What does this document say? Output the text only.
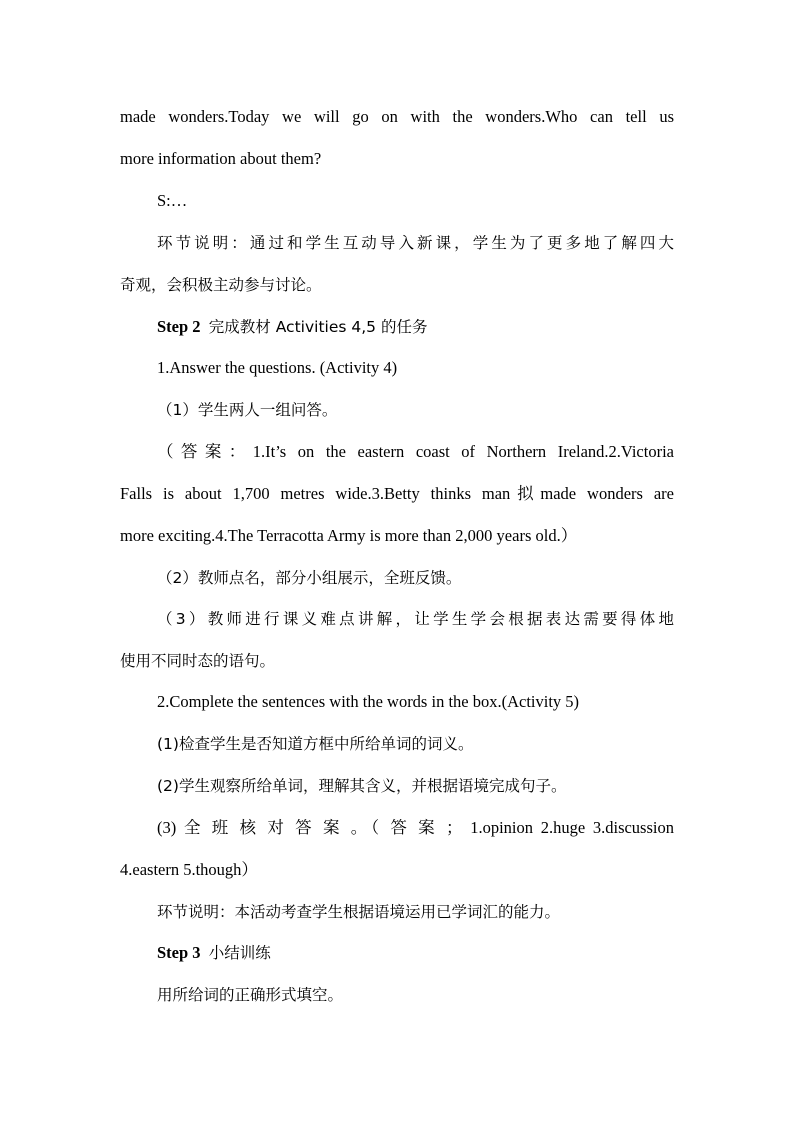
made wonders.Today we will go on with the wonders.Who can tell us
more information about them?
S:…
环节说明：通过和学生互动导入新课，学生为了更多地了解四大
奇观，会积极主动参与讨论。
Step 2 完成教材 Activities 4,5 的任务
1.Answer the questions. (Activity 4)
（1）学生两人一组问答。
（答案：1.It’s on the eastern coast of Northern Ireland.2.Victoria
Falls is about 1,700 metres wide.3.Betty thinks man拟made wonders are
more exciting.4.The Terracotta Army is more than 2,000 years old.）
（2）教师点名，部分小组展示，全班反馈。
（3）教师进行课义难点讲解，让学生学会根据表达需要得体地
使用不同时态的语句。
2.Complete the sentences with the words in the box.(Activity 5)
(1)检查学生是否知道方框中所给单词的词义。
(2)学生观察所给单词，理解其含义，并根据语境完成句子。
(3) 全 班 核 对 答 案 。（ 答 案 ； 1.opinion 2.huge 3.discussion
4.eastern 5.though）
环节说明：本活动考查学生根据语境运用已学词汇的能力。
Step 3 小结训练
用所给词的正确形式填空。
